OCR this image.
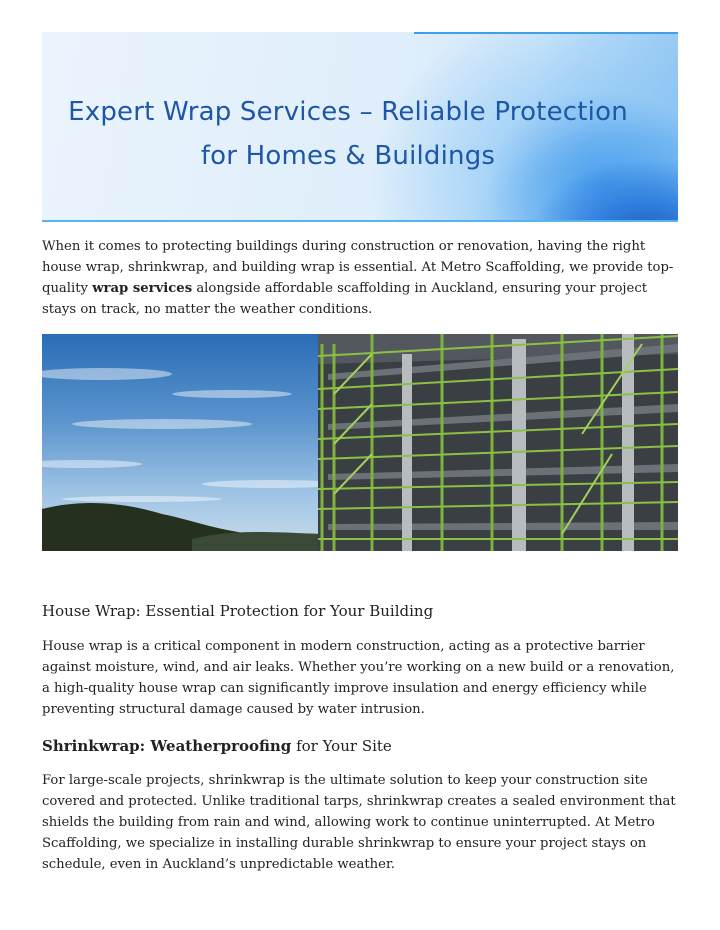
Expert Wrap Services – Reliable Protection
for Homes & Buildings

When it comes to protecting buildings during construction or renovation, having the right house wrap, shrinkwrap, and building wrap is essential. At Metro Scaffolding, we provide top-quality wrap services alongside affordable scaffolding in Auckland, ensuring your project stays on track, no matter the weather conditions.

House Wrap: Essential Protection for Your Building

House wrap is a critical component in modern construction, acting as a protective barrier against moisture, wind, and air leaks. Whether you’re working on a new build or a renovation, a high-quality house wrap can significantly improve insulation and energy efficiency while preventing structural damage caused by water intrusion.

Shrinkwrap: Weatherproofing for Your Site

For large-scale projects, shrinkwrap is the ultimate solution to keep your construction site covered and protected. Unlike traditional tarps, shrinkwrap creates a sealed environment that shields the building from rain and wind, allowing work to continue uninterrupted. At Metro Scaffolding, we specialize in installing durable shrinkwrap to ensure your project stays on schedule, even in Auckland’s unpredictable weather.
